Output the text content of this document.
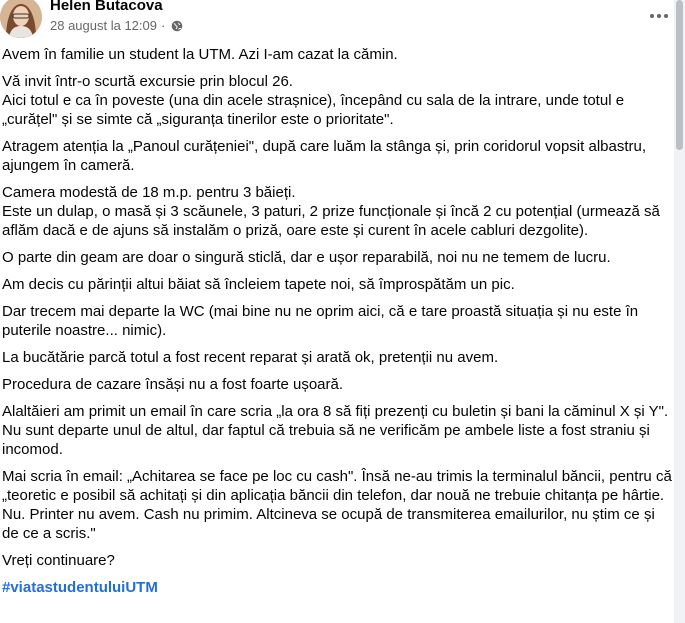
Helen Butacova
28 august la 12:09 ·

Avem în familie un student la UTM. Azi I-am cazat la cămin.

Vă invit într-o scurtă excursie prin blocul 26.
Aici totul e ca în poveste (una din acele strașnice), începând cu sala de la intrare, unde totul e „curățel" și se simte că „siguranța tinerilor este o prioritate".

Atragem atenția la „Panoul curățeniei", după care luăm la stânga și, prin coridorul vopsit albastru, ajungem în cameră.

Camera modestă de 18 m.p. pentru 3 băieți.
Este un dulap, o masă și 3 scăunele, 3 paturi, 2 prize funcționale și încă 2 cu potențial (urmează să aflăm dacă e de ajuns să instalăm o priză, oare este și curent în acele cabluri dezgolite).

O parte din geam are doar o singură sticlă, dar e ușor reparabilă, noi nu ne temem de lucru.

Am decis cu părinții altui băiat să încleiem tapete noi, să împrospătăm un pic.

Dar trecem mai departe la WC (mai bine nu ne oprim aici, că e tare proastă situația și nu este în puterile noastre... nimic).

La bucătărie parcă totul a fost recent reparat și arată ok, pretenții nu avem.

Procedura de cazare însăși nu a fost foarte ușoară.

Alaltăieri am primit un email în care scria „la ora 8 să fiți prezenți cu buletin și bani la căminul X și Y".
Nu sunt departe unul de altul, dar faptul că trebuia să ne verificăm pe ambele liste a fost straniu și incomod.

Mai scria în email: „Achitarea se face pe loc cu cash". Însă ne-au trimis la terminalul băncii, pentru că „teoretic e posibil să achitați și din aplicația băncii din telefon, dar nouă ne trebuie chitanța pe hârtie. Nu. Printer nu avem. Cash nu primim. Altcineva se ocupă de transmiterea emailurilor, nu știm ce și de ce a scris."

Vreți continuare?

#viatastudentuluiUTM
